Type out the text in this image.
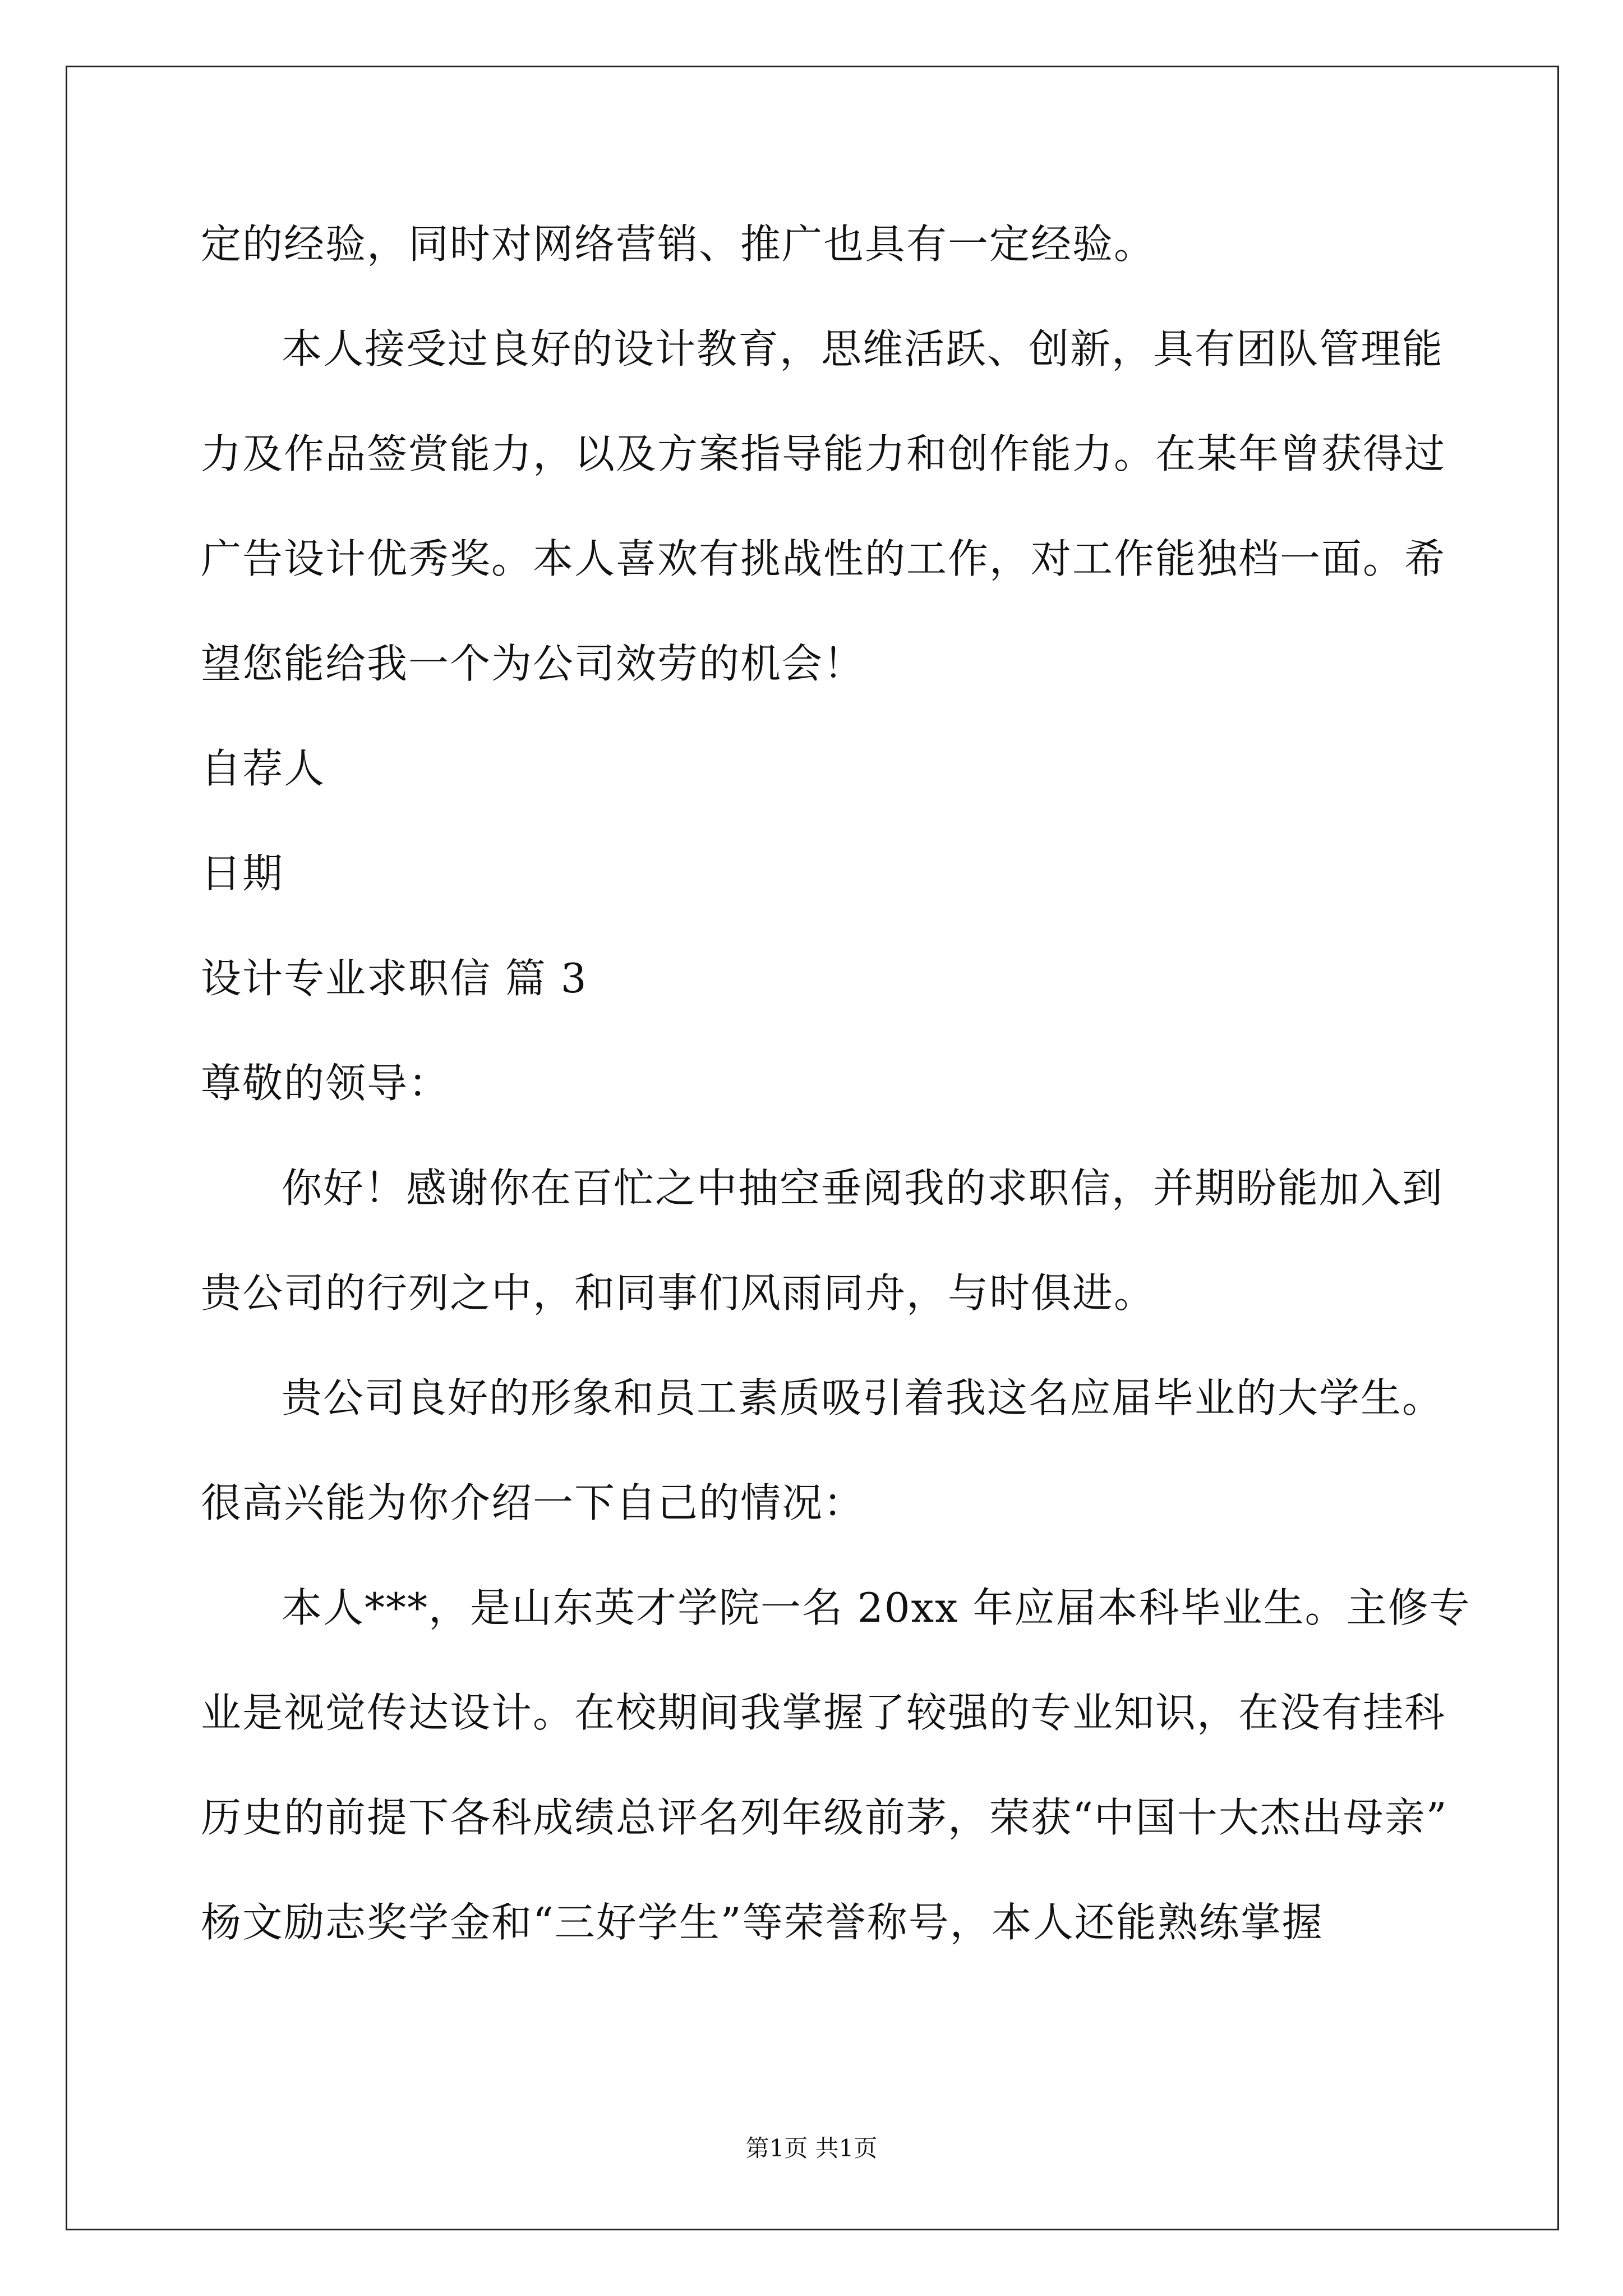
定的经验，同时对网络营销、推广也具有一定经验。
本人接受过良好的设计教育，思维活跃、创新，具有团队管理能
力及作品签赏能力，以及方案指导能力和创作能力。在某年曾获得过
广告设计优秀奖。本人喜欢有挑战性的工作，对工作能独档一面。希
望您能给我一个为公司效劳的机会！
自荐人
日期
设计专业求职信 篇 3
尊敬的领导：
你好！感谢你在百忙之中抽空垂阅我的求职信，并期盼能加入到
贵公司的行列之中，和同事们风雨同舟，与时俱进。
贵公司良好的形象和员工素质吸引着我这名应届毕业的大学生。
很高兴能为你介绍一下自己的情况：
本人***，是山东英才学院一名 20xx 年应届本科毕业生。主修专
业是视觉传达设计。在校期间我掌握了较强的专业知识，在没有挂科
历史的前提下各科成绩总评名列年级前茅，荣获“中国十大杰出母亲”
杨文励志奖学金和“三好学生”等荣誉称号，本人还能熟练掌握
第1页 共1页
